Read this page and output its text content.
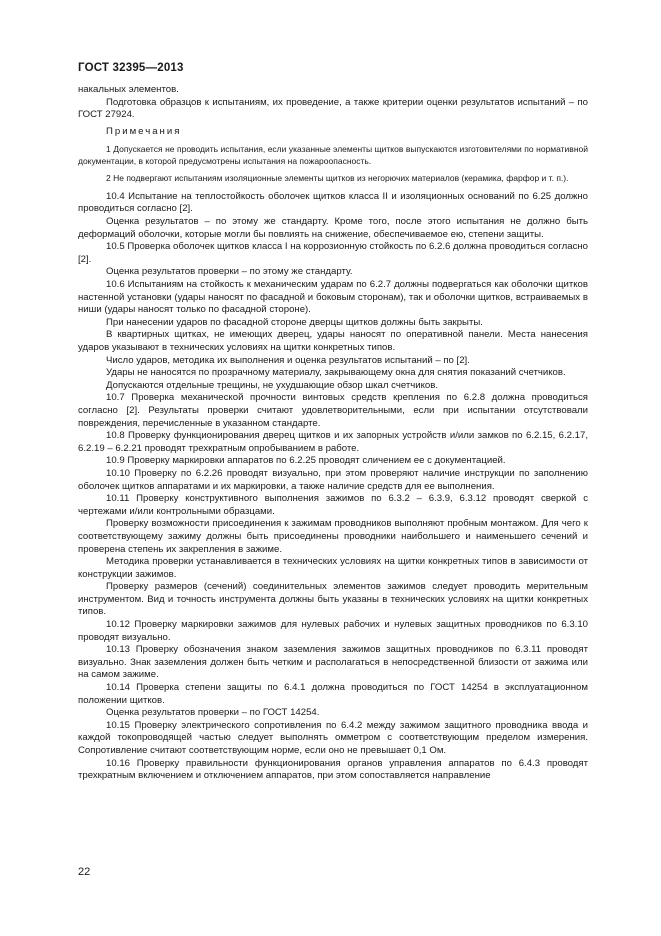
ГОСТ 32395—2013

накальных элементов.

Подготовка образцов к испытаниям, их проведение, а также критерии оценки результатов испытаний – по ГОСТ 27924.

Примечания

1 Допускается не проводить испытания, если указанные элементы щитков выпускаются изготовителями по нормативной документации, в которой предусмотрены испытания на пожароопасность.

2 Не подвергают испытаниям изоляционные элементы щитков из негорючих материалов (керамика, фарфор и т. п.).

10.4 Испытание на теплостойкость оболочек щитков класса II и изоляционных оснований по 6.25 должно проводиться согласно [2].

Оценка результатов – по этому же стандарту. Кроме того, после этого испытания не должно быть деформаций оболочки, которые могли бы повлиять на снижение, обеспечиваемое ею, степени защиты.

10.5 Проверка оболочек щитков класса I на коррозионную стойкость по 6.2.6 должна проводиться согласно [2].

Оценка результатов проверки – по этому же стандарту.

10.6 Испытаниям на стойкость к механическим ударам по 6.2.7 должны подвергаться как оболочки щитков настенной установки (удары наносят по фасадной и боковым сторонам), так и оболочки щитков, встраиваемых в ниши (удары наносят только по фасадной стороне).

При нанесении ударов по фасадной стороне дверцы щитков должны быть закрыты.

В квартирных щитках, не имеющих дверец, удары наносят по оперативной панели. Места нанесения ударов указывают в технических условиях на щитки конкретных типов.

Число ударов, методика их выполнения и оценка результатов испытаний – по [2].

Удары не наносятся по прозрачному материалу, закрывающему окна для снятия показаний счетчиков.

Допускаются отдельные трещины, не ухудшающие обзор шкал счетчиков.

10.7 Проверка механической прочности винтовых средств крепления по 6.2.8 должна проводиться согласно [2]. Результаты проверки считают удовлетворительными, если при испытании отсутствовали повреждения, перечисленные в указанном стандарте.

10.8 Проверку функционирования дверец щитков и их запорных устройств и/или замков по 6.2.15, 6.2.17, 6.2.19 – 6.2.21 проводят трехкратным опробыванием в работе.

10.9 Проверку маркировки аппаратов по 6.2.25 проводят сличением ее с документацией.

10.10 Проверку по 6.2.26 проводят визуально, при этом проверяют наличие инструкции по заполнению оболочек щитков аппаратами и их маркировки, а также наличие средств для ее выполнения.

10.11 Проверку конструктивного выполнения зажимов по 6.3.2 – 6.3.9, 6.3.12 проводят сверкой с чертежами и/или контрольными образцами.

Проверку возможности присоединения к зажимам проводников выполняют пробным монтажом. Для чего к соответствующему зажиму должны быть присоединены проводники наибольшего и наименьшего сечений и проверена степень их закрепления в зажиме.

Методика проверки устанавливается в технических условиях на щитки конкретных типов в зависимости от конструкции зажимов.

Проверку размеров (сечений) соединительных элементов зажимов следует проводить мерительным инструментом. Вид и точность инструмента должны быть указаны в технических условиях на щитки конкретных типов.

10.12 Проверку маркировки зажимов для нулевых рабочих и нулевых защитных проводников по 6.3.10 проводят визуально.

10.13 Проверку обозначения знаком заземления зажимов защитных проводников по 6.3.11 проводят визуально. Знак заземления должен быть четким и располагаться в непосредственной близости от зажима или на самом зажиме.

10.14 Проверка степени защиты по 6.4.1 должна проводиться по ГОСТ 14254 в эксплуатационном положении щитков.

Оценка результатов проверки – по ГОСТ 14254.

10.15 Проверку электрического сопротивления по 6.4.2 между зажимом защитного проводника ввода и каждой токопроводящей частью следует выполнять омметром с соответствующим пределом измерения. Сопротивление считают соответствующим норме, если оно не превышает 0,1 Ом.

10.16 Проверку правильности функционирования органов управления аппаратов по 6.4.3 проводят трехкратным включением и отключением аппаратов, при этом сопоставляется направление

22
